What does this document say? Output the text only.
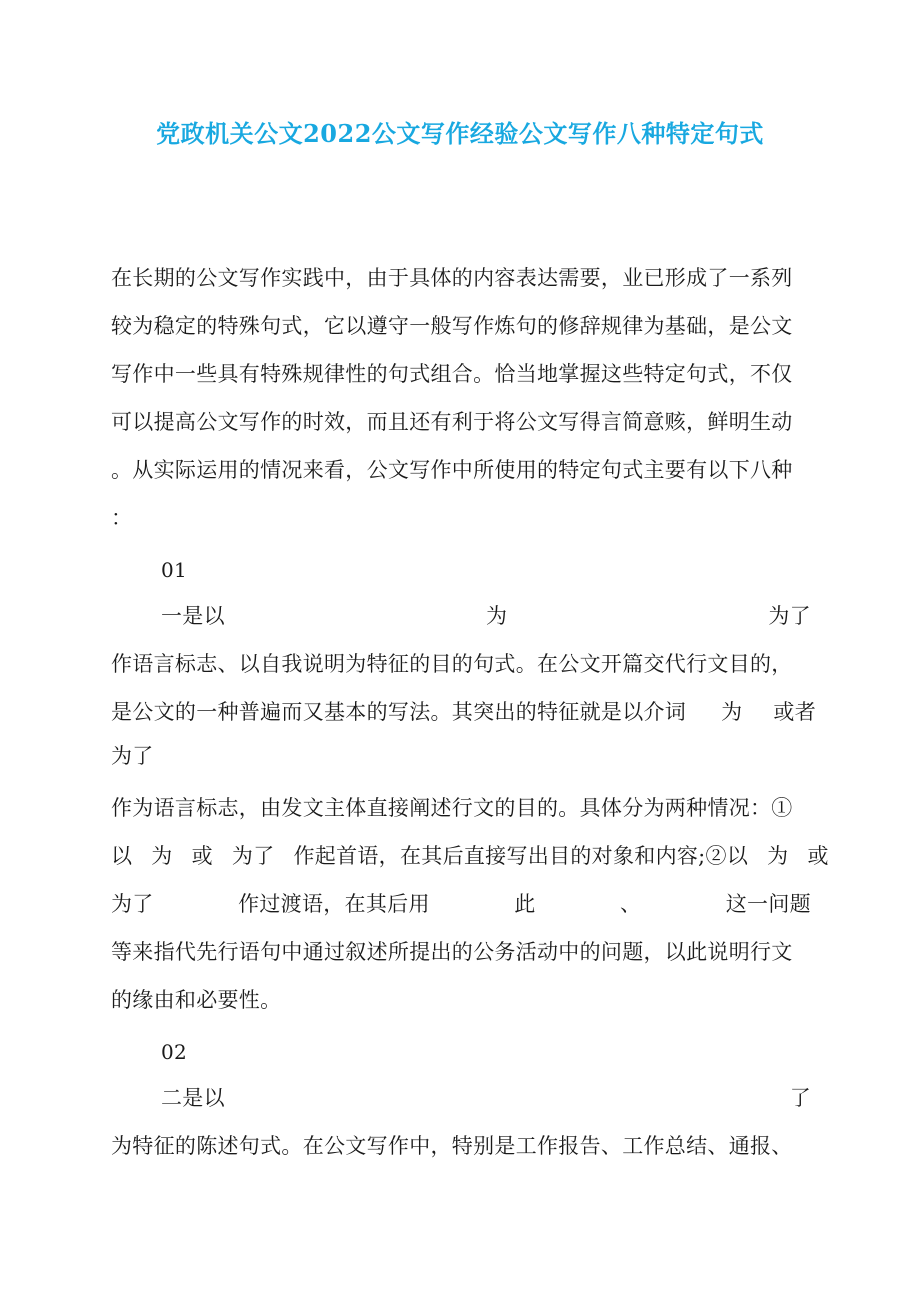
党政机关公文2022公文写作经验公文写作八种特定句式
在长期的公文写作实践中，由于具体的内容表达需要，业已形成了一系列
较为稳定的特殊句式，它以遵守一般写作炼句的修辞规律为基础，是公文
写作中一些具有特殊规律性的句式组合。恰当地掌握这些特定句式，不仅
可以提高公文写作的时效，而且还有利于将公文写得言简意赅，鲜明生动
。从实际运用的情况来看，公文写作中所使用的特定句式主要有以下八种
：
01
一是以	为	为了
作语言标志、以自我说明为特征的目的句式。在公文开篇交代行文目的，
是公文的一种普遍而又基本的写法。其突出的特征就是以介词 为 或者
为了
作为语言标志，由发文主体直接阐述行文的目的。具体分为两种情况：①
以 为 或 为了 作起首语，在其后直接写出目的对象和内容;②以 为 或
为了	作过渡语，在其后用	此	、	这一问题
等来指代先行语句中通过叙述所提出的公务活动中的问题，以此说明行文
的缘由和必要性。
02
二是以	了
为特征的陈述句式。在公文写作中，特别是工作报告、工作总结、通报、
